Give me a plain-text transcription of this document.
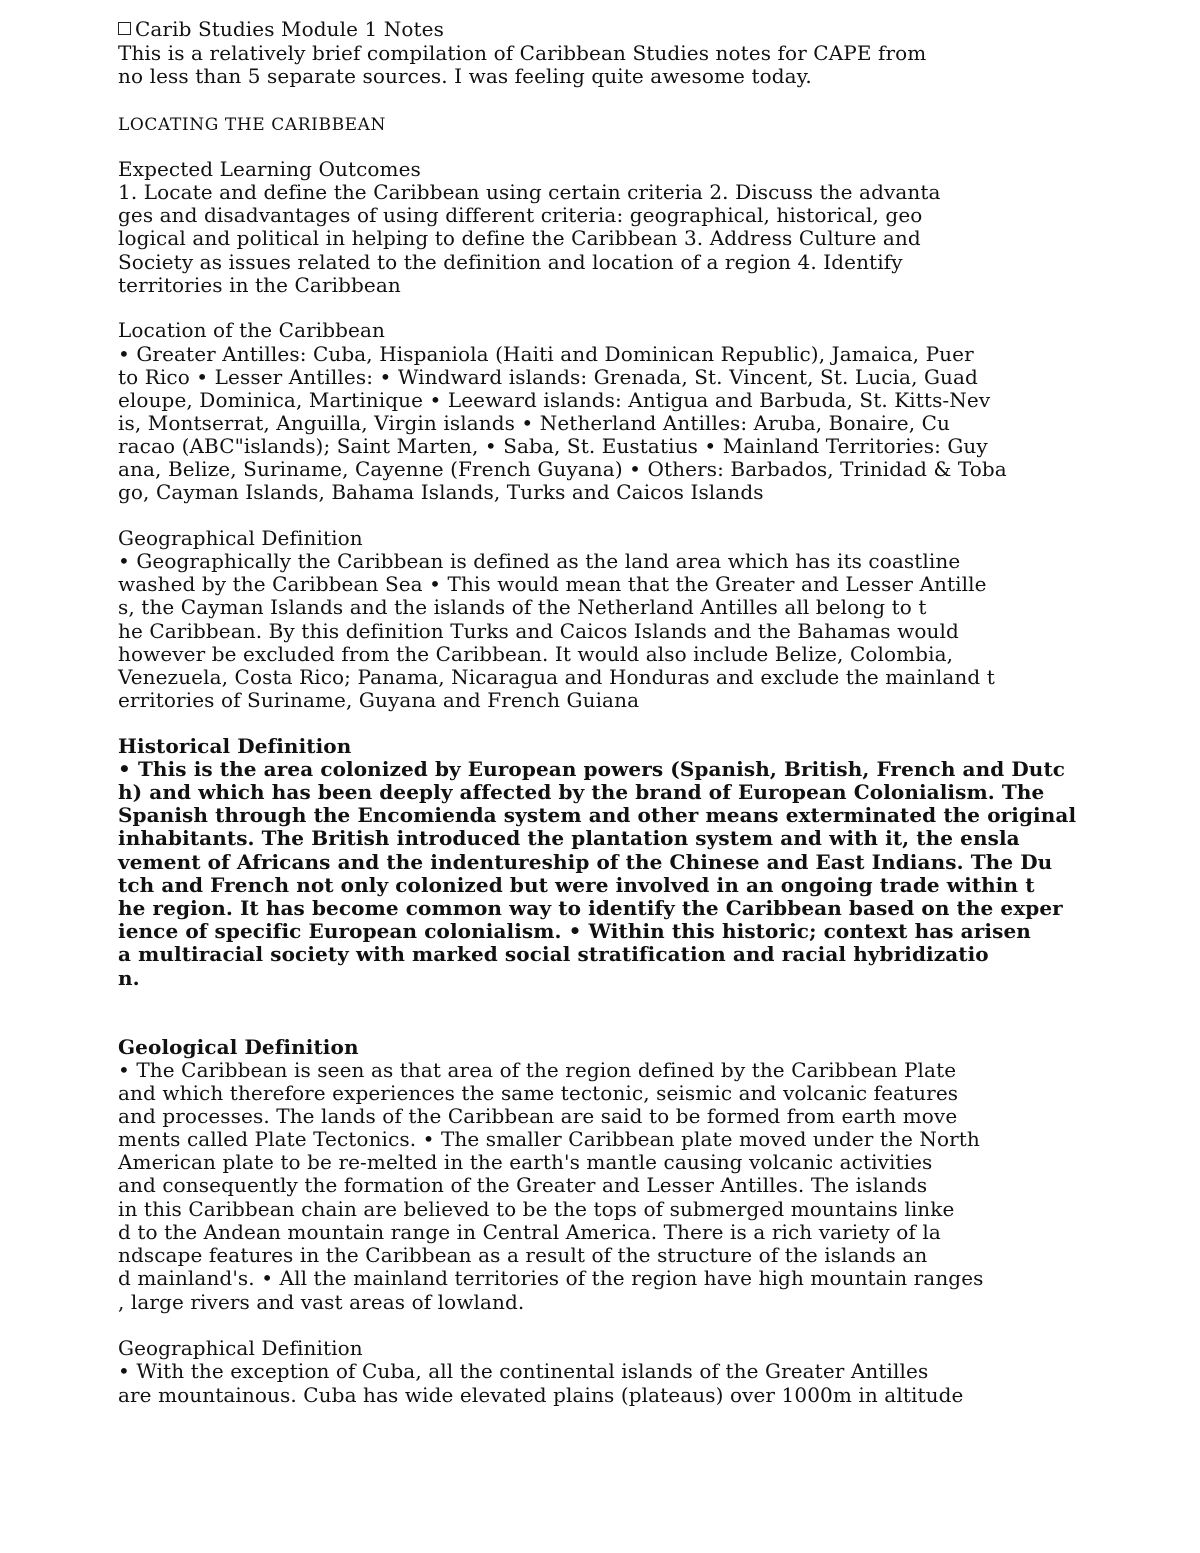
Carib Studies Module 1 Notes
This is a relatively brief compilation of Caribbean Studies notes for CAPE from
no less than 5 separate sources. I was feeling quite awesome today.
LOCATING THE CARIBBEAN
Expected Learning Outcomes
1. Locate and define the Caribbean using certain criteria 2. Discuss the advanta
ges and disadvantages of using different criteria: geographical, historical, geo
logical and political in helping to define the Caribbean 3. Address Culture and
Society as issues related to the definition and location of a region 4. Identify
territories in the Caribbean
Location of the Caribbean
• Greater Antilles: Cuba, Hispaniola (Haiti and Dominican Republic), Jamaica, Puer
to Rico • Lesser Antilles: • Windward islands: Grenada, St. Vincent, St. Lucia, Guad
eloupe, Dominica, Martinique • Leeward islands: Antigua and Barbuda, St. Kitts-Nev
is, Montserrat, Anguilla, Virgin islands • Netherland Antilles: Aruba, Bonaire, Cu
racao (ABC"islands); Saint Marten, • Saba, St. Eustatius • Mainland Territories: Guy
ana, Belize, Suriname, Cayenne (French Guyana) • Others: Barbados, Trinidad & Toba
go, Cayman Islands, Bahama Islands, Turks and Caicos Islands
Geographical Definition
• Geographically the Caribbean is defined as the land area which has its coastline
washed by the Caribbean Sea • This would mean that the Greater and Lesser Antille
s, the Cayman Islands and the islands of the Netherland Antilles all belong to t
he Caribbean. By this definition Turks and Caicos Islands and the Bahamas would
however be excluded from the Caribbean. It would also include Belize, Colombia,
Venezuela, Costa Rico; Panama, Nicaragua and Honduras and exclude the mainland t
erritories of Suriname, Guyana and French Guiana
Historical Definition
• This is the area colonized by European powers (Spanish, British, French and Dutc
h) and which has been deeply affected by the brand of European Colonialism. The
Spanish through the Encomienda system and other means exterminated the original
inhabitants. The British introduced the plantation system and with it, the ensla
vement of Africans and the indentureship of the Chinese and East Indians. The Du
tch and French not only colonized but were involved in an ongoing trade within t
he region. It has become common way to identify the Caribbean based on the exper
ience of specific European colonialism. • Within this historic; context has arisen
a multiracial society with marked social stratification and racial hybridizatio
n.
Geological Definition
• The Caribbean is seen as that area of the region defined by the Caribbean Plate
and which therefore experiences the same tectonic, seismic and volcanic features
and processes. The lands of the Caribbean are said to be formed from earth move
ments called Plate Tectonics. • The smaller Caribbean plate moved under the North
American plate to be re-melted in the earth's mantle causing volcanic activities
and consequently the formation of the Greater and Lesser Antilles. The islands
in this Caribbean chain are believed to be the tops of submerged mountains linke
d to the Andean mountain range in Central America. There is a rich variety of la
ndscape features in the Caribbean as a result of the structure of the islands an
d mainland's. • All the mainland territories of the region have high mountain ranges
, large rivers and vast areas of lowland.
Geographical Definition
• With the exception of Cuba, all the continental islands of the Greater Antilles
are mountainous. Cuba has wide elevated plains (plateaus) over 1000m in altitude
